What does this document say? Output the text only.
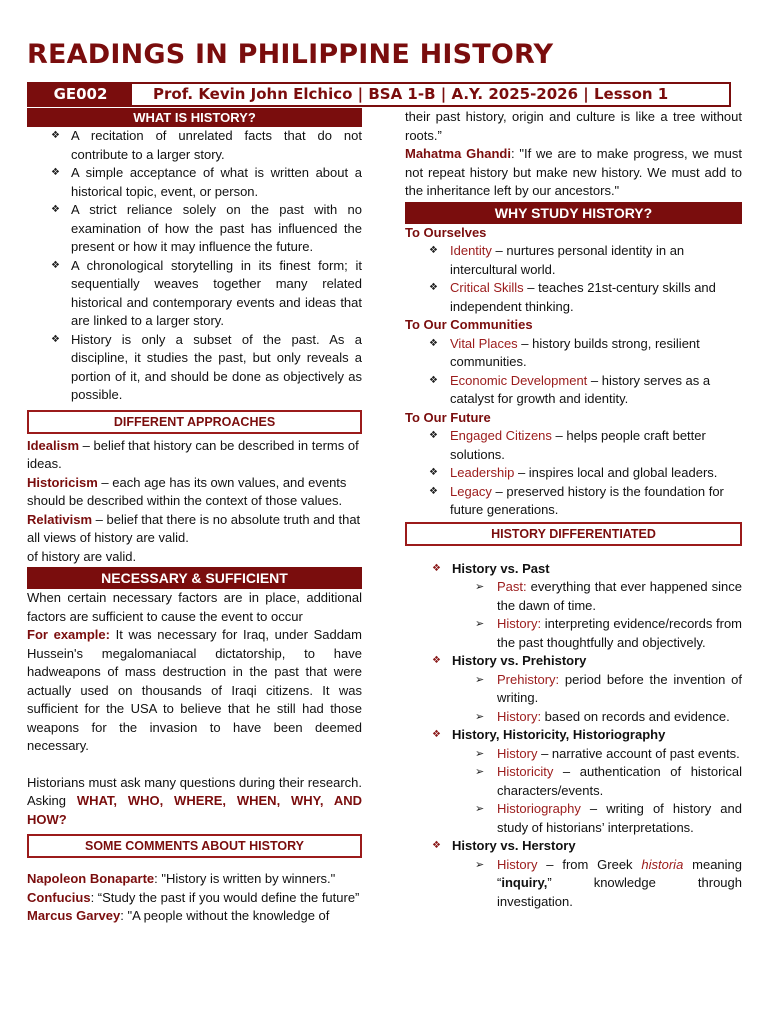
READINGS IN PHILIPPINE HISTORY
GE002	Prof. Kevin John Elchico | BSA 1-B | A.Y. 2025-2026 | Lesson 1
WHAT IS HISTORY?
❖ A recitation of unrelated facts that do not contribute to a larger story.
❖ A simple acceptance of what is written about a historical topic, event, or person.
❖ A strict reliance solely on the past with no examination of how the past has influenced the present or how it may influence the future.
❖ A chronological storytelling in its finest form; it sequentially weaves together many related historical and contemporary events and ideas that are linked to a larger story.
❖ History is only a subset of the past. As a discipline, it studies the past, but only reveals a portion of it, and should be done as objectively as possible.
DIFFERENT APPROACHES
Idealism – belief that history can be described in terms of ideas.
Historicism – each age has its own values, and events should be described within the context of those values.
Relativism – belief that there is no absolute truth and that all views of history are valid.
of history are valid.
NECESSARY & SUFFICIENT
When certain necessary factors are in place, additional factors are sufficient to cause the event to occur
For example: It was necessary for Iraq, under Saddam Hussein's megalomaniacal dictatorship, to have hadweapons of mass destruction in the past that were actually used on thousands of Iraqi citizens. It was sufficient for the USA to believe that he still had those weapons for the invasion to have been deemed necessary.
Historians must ask many questions during their research. Asking WHAT, WHO, WHERE, WHEN, WHY, AND HOW?
SOME COMMENTS ABOUT HISTORY
Napoleon Bonaparte: "History is written by winners."
Confucius: “Study the past if you would define the future”
Marcus Garvey: "A people without the knowledge of
their past history, origin and culture is like a tree without roots.”
Mahatma Ghandi: "If we are to make progress, we must not repeat history but make new history. We must add to the inheritance left by our ancestors."
WHY STUDY HISTORY?
To Ourselves
❖ Identity – nurtures personal identity in an intercultural world.
❖ Critical Skills – teaches 21st-century skills and independent thinking.
To Our Communities
❖ Vital Places – history builds strong, resilient communities.
❖ Economic Development – history serves as a catalyst for growth and identity.
To Our Future
❖ Engaged Citizens – helps people craft better solutions.
❖ Leadership – inspires local and global leaders.
❖ Legacy – preserved history is the foundation for future generations.
HISTORY DIFFERENTIATED
❖ History vs. Past
➢ Past: everything that ever happened since the dawn of time.
➢ History: interpreting evidence/records from the past thoughtfully and objectively.
❖ History vs. Prehistory
➢ Prehistory: period before the invention of writing.
➢ History: based on records and evidence.
❖ History, Historicity, Historiography
➢ History – narrative account of past events.
➢ Historicity – authentication of historical characters/events.
➢ Historiography – writing of history and study of historians’ interpretations.
❖ History vs. Herstory
➢ History – from Greek historia meaning “inquiry,” knowledge through investigation.
